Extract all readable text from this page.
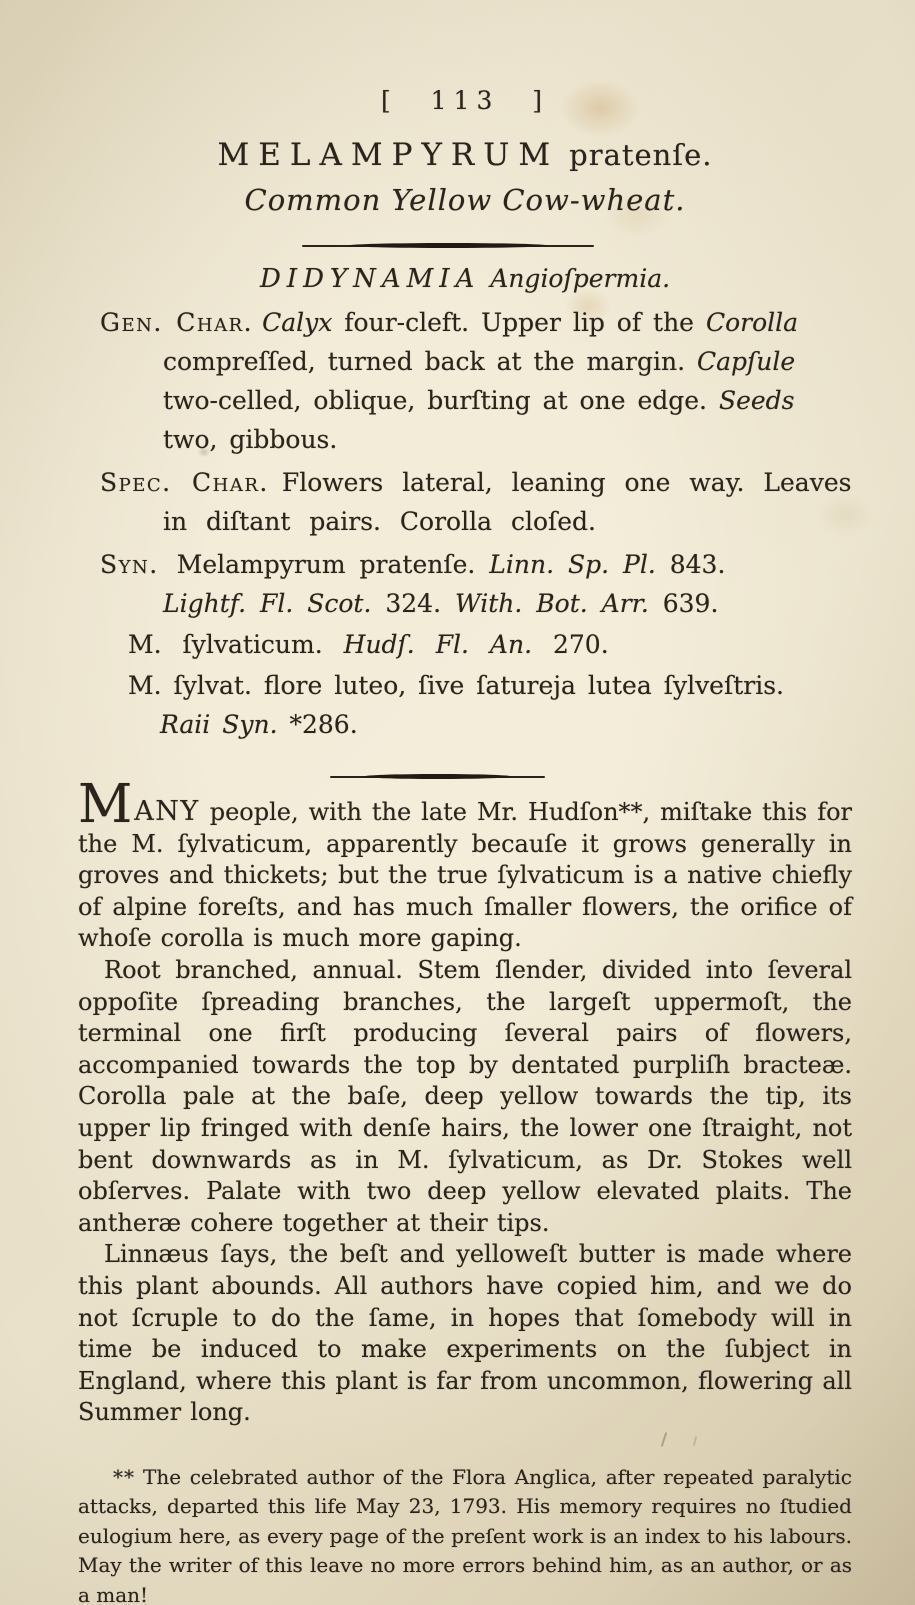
[ 113 ]
MELAMPYRUM pratenſe.
Common Yellow Cow-wheat.
DIDYNAMIA Angioſpermia.

Gen. Char. Calyx four-cleft. Upper lip of the Corolla
compreſſed, turned back at the margin. Capſule
two-celled, oblique, burſting at one edge. Seeds
two, gibbous.

Spec. Char. Flowers lateral, leaning one way. Leaves
in diſtant pairs. Corolla cloſed.

Syn. Melampyrum pratenſe. Linn. Sp. Pl. 843.
Lightf. Fl. Scot. 324. With. Bot. Arr. 639.

M. ſylvaticum. Hudſ. Fl. An. 270.

M. ſylvat. flore luteo, ſive ſatureja lutea ſylveſtris.
Raii Syn. *286.

MANY people, with the late Mr. Hudſon**, miſtake this for the M. ſylvaticum, apparently becauſe it grows generally in groves and thickets; but the true ſylvaticum is a native chiefly of alpine foreſts, and has much ſmaller flowers, the orifice of whoſe corolla is much more gaping.

Root branched, annual. Stem ſlender, divided into ſeveral oppoſite ſpreading branches, the largeſt uppermoſt, the terminal one firſt producing ſeveral pairs of flowers, accompanied towards the top by dentated purpliſh bracteæ. Corolla pale at the baſe, deep yellow towards the tip, its upper lip fringed with denſe hairs, the lower one ſtraight, not bent downwards as in M. ſylvaticum, as Dr. Stokes well obſerves. Palate with two deep yellow elevated plaits. The antheræ cohere together at their tips.

Linnæus ſays, the beſt and yelloweſt butter is made where this plant abounds. All authors have copied him, and we do not ſcruple to do the ſame, in hopes that ſomebody will in time be induced to make experiments on the ſubject in England, where this plant is far from uncommon, flowering all Summer long.

** The celebrated author of the Flora Anglica, after repeated paralytic attacks, departed this life May 23, 1793. His memory requires no ſtudied eulogium here, as every page of the preſent work is an index to his labours. May the writer of this leave no more errors behind him, as an author, or as a man!
